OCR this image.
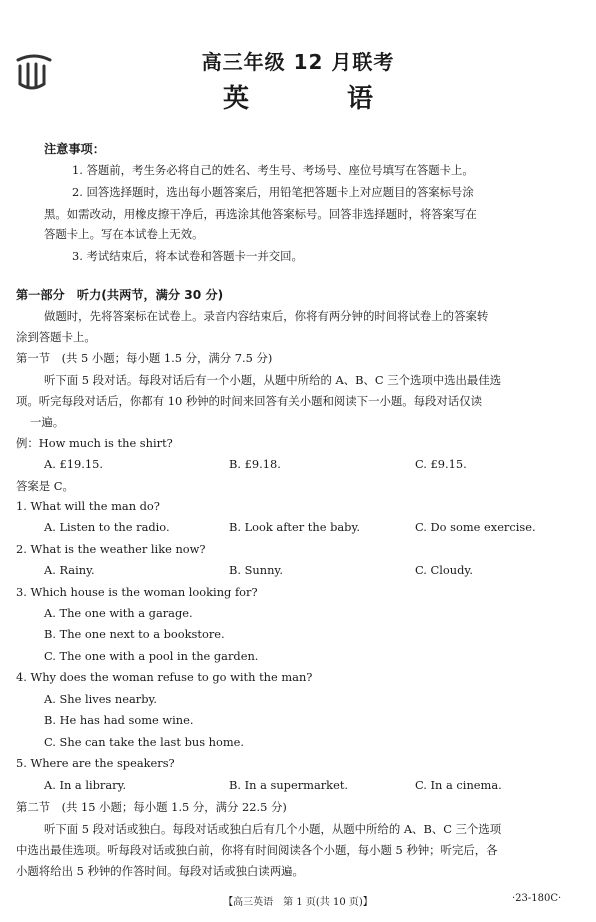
高三年级 12 月联考
英　语
注意事项：
1. 答题前，考生务必将自己的姓名、考生号、考场号、座位号填写在答题卡上。
2. 回答选择题时，选出每小题答案后，用铅笔把答题卡上对应题目的答案标号涂
黑。如需改动，用橡皮擦干净后，再选涂其他答案标号。回答非选择题时，将答案写在
答题卡上。写在本试卷上无效。
3. 考试结束后，将本试卷和答题卡一并交回。
第一部分　听力(共两节，满分 30 分)
做题时，先将答案标在试卷上。录音内容结束后，你将有两分钟的时间将试卷上的答案转
涂到答题卡上。
第一节　(共 5 小题；每小题 1.5 分，满分 7.5 分)
听下面 5 段对话。每段对话后有一个小题，从题中所给的 A、B、C 三个选项中选出最佳选
项。听完每段对话后，你都有 10 秒钟的时间来回答有关小题和阅读下一小题。每段对话仅读
一遍。
例：How much is the shirt?
A. £19.15.	B. £9.18.	C. £9.15.
答案是 C。
1. What will the man do?
A. Listen to the radio.	B. Look after the baby.	C. Do some exercise.
2. What is the weather like now?
A. Rainy.	B. Sunny.	C. Cloudy.
3. Which house is the woman looking for?
A. The one with a garage.
B. The one next to a bookstore.
C. The one with a pool in the garden.
4. Why does the woman refuse to go with the man?
A. She lives nearby.
B. He has had some wine.
C. She can take the last bus home.
5. Where are the speakers?
A. In a library.	B. In a supermarket.	C. In a cinema.
第二节　(共 15 小题；每小题 1.5 分，满分 22.5 分)
听下面 5 段对话或独白。每段对话或独白后有几个小题，从题中所给的 A、B、C 三个选项
中选出最佳选项。听每段对话或独白前，你将有时间阅读各个小题，每小题 5 秒钟；听完后，各
小题将给出 5 秒钟的作答时间。每段对话或独白读两遍。
【高三英语　第 1 页(共 10 页)】	·23-180C·
